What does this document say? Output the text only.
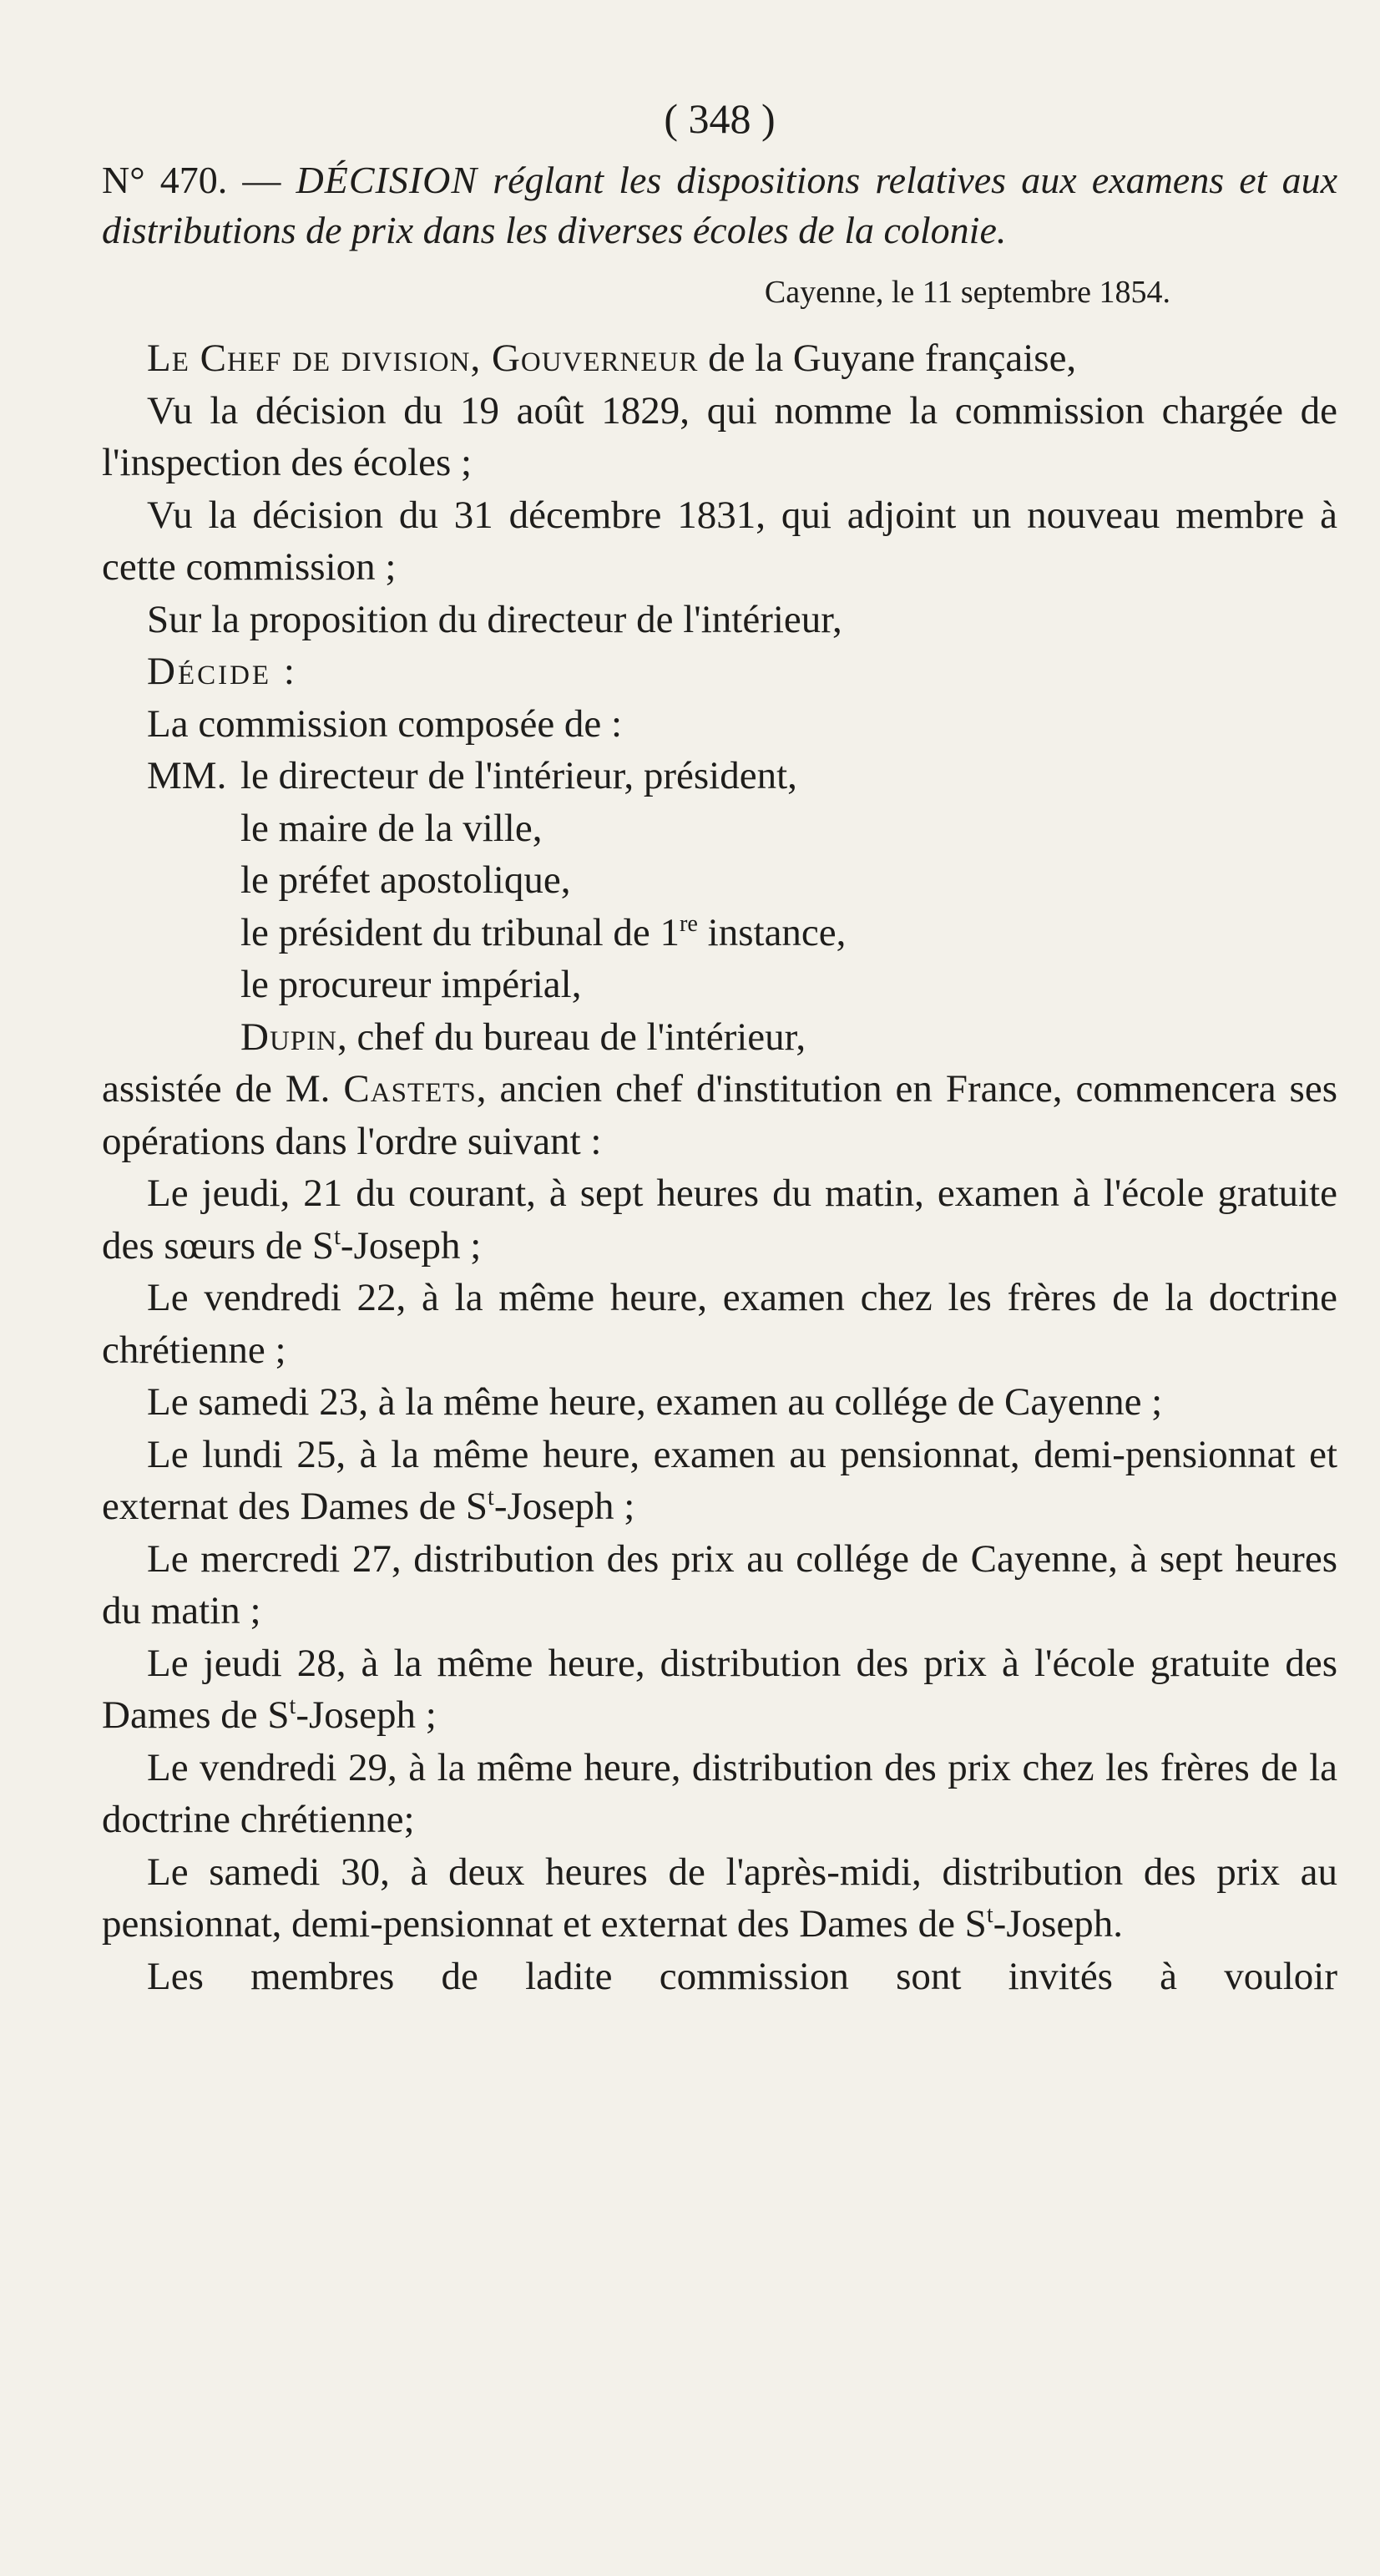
( 348 )

N° 470. — DÉCISION réglant les dispositions relatives aux examens et aux distributions de prix dans les diverses écoles de la colonie.

Cayenne, le 11 septembre 1854.

Le Chef de division, Gouverneur de la Guyane française,

Vu la décision du 19 août 1829, qui nomme la commission chargée de l'inspection des écoles ;

Vu la décision du 31 décembre 1831, qui adjoint un nouveau membre à cette commission ;

Sur la proposition du directeur de l'intérieur,

Décide :

La commission composée de :

MM. le directeur de l'intérieur, président,
le maire de la ville,
le préfet apostolique,
le président du tribunal de 1re instance,
le procureur impérial,
Dupin, chef du bureau de l'intérieur,

assistée de M. Castets, ancien chef d'institution en France, commencera ses opérations dans l'ordre suivant :

Le jeudi, 21 du courant, à sept heures du matin, examen à l'école gratuite des sœurs de $S^t$-Joseph ;

Le vendredi 22, à la même heure, examen chez les frères de la doctrine chrétienne ;

Le samedi 23, à la même heure, examen au collége de Cayenne ;

Le lundi 25, à la même heure, examen au pensionnat, demi-pensionnat et externat des Dames de $S^t$-Joseph ;

Le mercredi 27, distribution des prix au collége de Cayenne, à sept heures du matin ;

Le jeudi 28, à la même heure, distribution des prix à l'école gratuite des Dames de $S^t$-Joseph ;

Le vendredi 29, à la même heure, distribution des prix chez les frères de la doctrine chrétienne;

Le samedi 30, à deux heures de l'après-midi, distribution des prix au pensionnat, demi-pensionnat et externat des Dames de $S^t$-Joseph.

Les membres de ladite commission sont invités à vouloir
